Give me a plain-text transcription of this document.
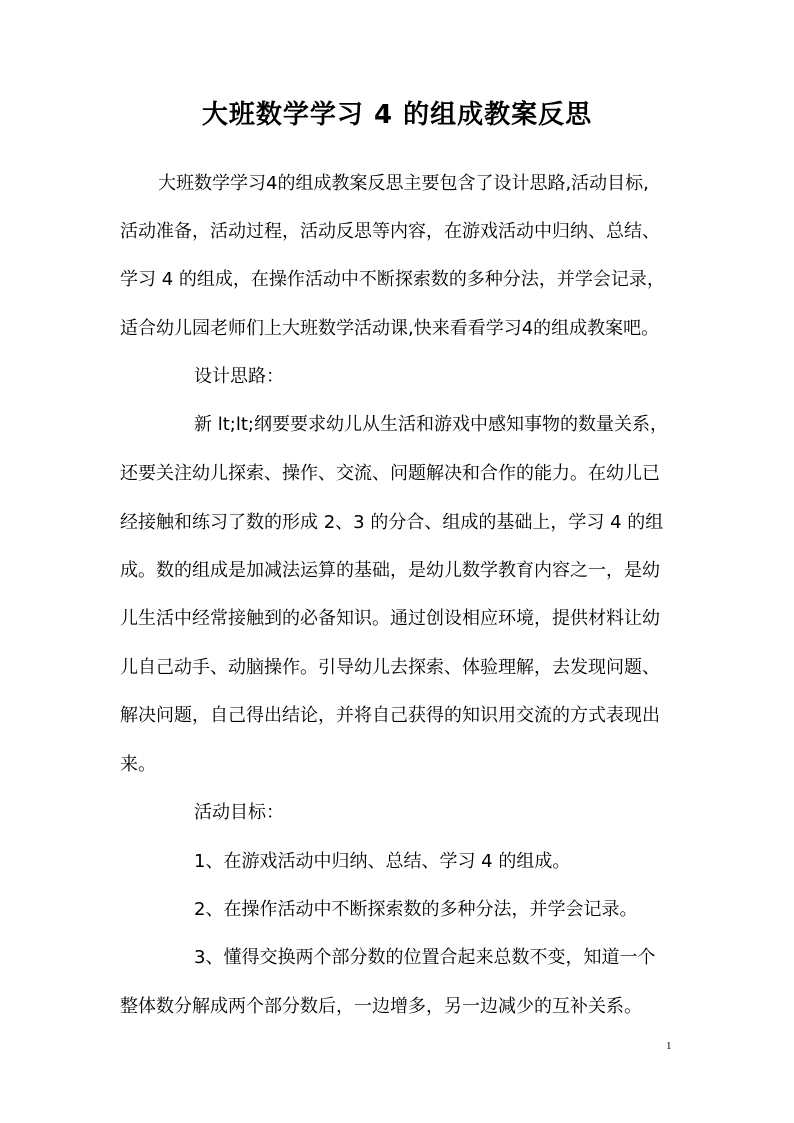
大班数学学习 4 的组成教案反思
大班数学学习4的组成教案反思主要包含了设计思路,活动目标,
活动准备，活动过程，活动反思等内容，在游戏活动中归纳、总结、
学习 4 的组成，在操作活动中不断探索数的多种分法，并学会记录，
适合幼儿园老师们上大班数学活动课,快来看看学习4的组成教案吧。
设计思路：
新 lt;lt;纲要要求幼儿从生活和游戏中感知事物的数量关系，
还要关注幼儿探索、操作、交流、问题解决和合作的能力。在幼儿已
经接触和练习了数的形成 2、3 的分合、组成的基础上，学习 4 的组
成。数的组成是加减法运算的基础，是幼儿数学教育内容之一，是幼
儿生活中经常接触到的必备知识。通过创设相应环境，提供材料让幼
儿自己动手、动脑操作。引导幼儿去探索、体验理解，去发现问题、
解决问题，自己得出结论，并将自己获得的知识用交流的方式表现出
来。
活动目标：
1、在游戏活动中归纳、总结、学习 4 的组成。
2、在操作活动中不断探索数的多种分法，并学会记录。
3、懂得交换两个部分数的位置合起来总数不变，知道一个
整体数分解成两个部分数后，一边增多，另一边减少的互补关系。
1
